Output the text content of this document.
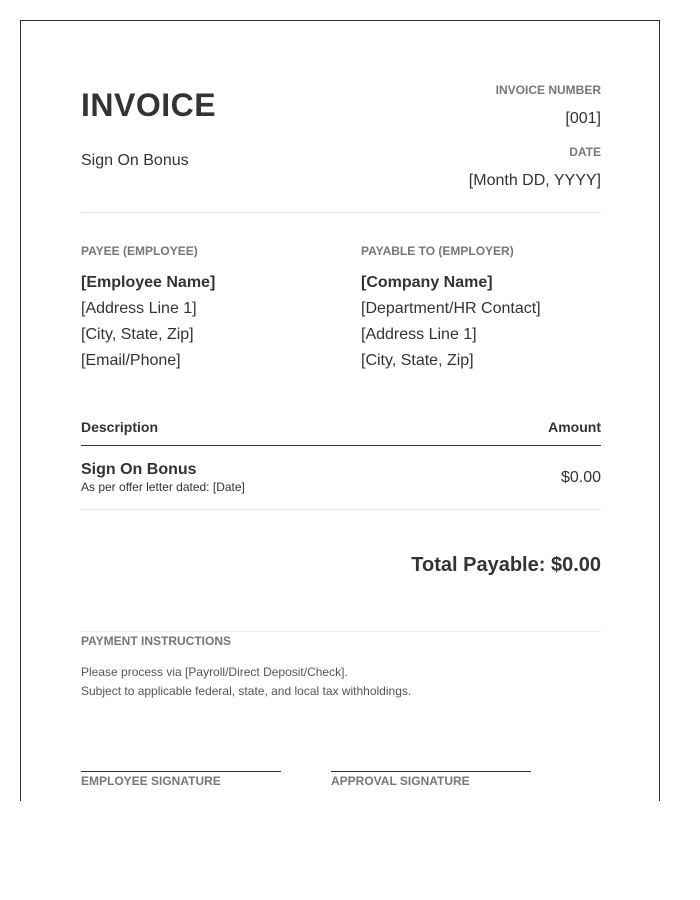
INVOICE
Sign On Bonus
INVOICE NUMBER
[001]
DATE
[Month DD, YYYY]
PAYEE (EMPLOYEE)
[Employee Name]
[Address Line 1]
[City, State, Zip]
[Email/Phone]
PAYABLE TO (EMPLOYER)
[Company Name]
[Department/HR Contact]
[Address Line 1]
[City, State, Zip]
Description	Amount
Sign On Bonus
As per offer letter dated: [Date]
$0.00
Total Payable: $0.00
PAYMENT INSTRUCTIONS
Please process via [Payroll/Direct Deposit/Check].
Subject to applicable federal, state, and local tax withholdings.
EMPLOYEE SIGNATURE	APPROVAL SIGNATURE
